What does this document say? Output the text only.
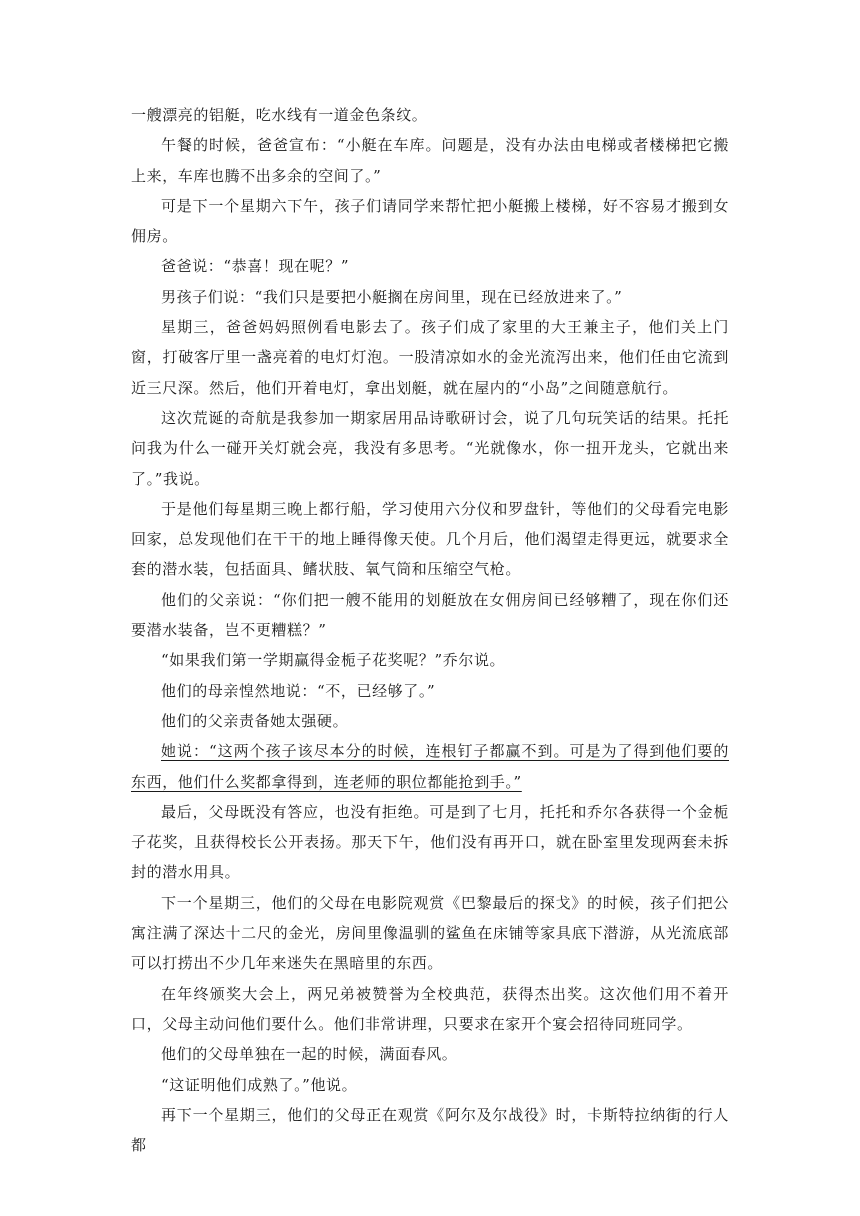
一艘漂亮的铝艇，吃水线有一道金色条纹。

午餐的时候，爸爸宣布：“小艇在车库。问题是，没有办法由电梯或者楼梯把它搬上来，车库也腾不出多余的空间了。”

可是下一个星期六下午，孩子们请同学来帮忙把小艇搬上楼梯，好不容易才搬到女佣房。

爸爸说：“恭喜！现在呢？”

男孩子们说：“我们只是要把小艇搁在房间里，现在已经放进来了。”

星期三，爸爸妈妈照例看电影去了。孩子们成了家里的大王兼主子，他们关上门窗，打破客厅里一盏亮着的电灯灯泡。一股清凉如水的金光流泻出来，他们任由它流到近三尺深。然后，他们开着电灯，拿出划艇，就在屋内的“小岛”之间随意航行。

这次荒诞的奇航是我参加一期家居用品诗歌研讨会，说了几句玩笑话的结果。托托问我为什么一碰开关灯就会亮，我没有多思考。“光就像水，你一扭开龙头，它就出来了。”我说。

于是他们每星期三晚上都行船，学习使用六分仪和罗盘针，等他们的父母看完电影回家，总发现他们在干干的地上睡得像天使。几个月后，他们渴望走得更远，就要求全套的潜水装，包括面具、鳍状肢、氧气筒和压缩空气枪。

他们的父亲说：“你们把一艘不能用的划艇放在女佣房间已经够糟了，现在你们还要潜水装备，岂不更糟糕？”

“如果我们第一学期赢得金栀子花奖呢？”乔尔说。

他们的母亲惶然地说：“不，已经够了。”

他们的父亲责备她太强硬。

她说：“这两个孩子该尽本分的时候，连根钉子都赢不到。可是为了得到他们要的东西，他们什么奖都拿得到，连老师的职位都能抢到手。”

最后，父母既没有答应，也没有拒绝。可是到了七月，托托和乔尔各获得一个金栀子花奖，且获得校长公开表扬。那天下午，他们没有再开口，就在卧室里发现两套未拆封的潜水用具。

下一个星期三，他们的父母在电影院观赏《巴黎最后的探戈》的时候，孩子们把公寓注满了深达十二尺的金光，房间里像温驯的鲨鱼在床铺等家具底下潜游，从光流底部可以打捞出不少几年来迷失在黑暗里的东西。

在年终颁奖大会上，两兄弟被赞誉为全校典范，获得杰出奖。这次他们用不着开口，父母主动问他们要什么。他们非常讲理，只要求在家开个宴会招待同班同学。

他们的父母单独在一起的时候，满面春风。

“这证明他们成熟了。”他说。

再下一个星期三，他们的父母正在观赏《阿尔及尔战役》时，卡斯特拉纳街的行人都
